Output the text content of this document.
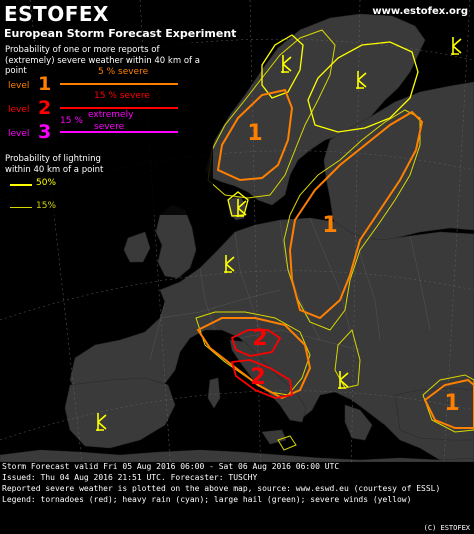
1
1
1
2
2
ESTOFEX	www.estofex.org
European Storm Forecast Experiment
Probability of one or more reports of
(extremely) severe weather within 40 km of a point
level 1
5 % severe
level 2
15 % severe
level 3 15 %
extremely
severe
Probability of lightning
within 40 km of a point
50%
15%
Storm Forecast valid Fri 05 Aug 2016 06:00 - Sat 06 Aug 2016 06:00 UTC
Issued: Thu 04 Aug 2016 21:51 UTC. Forecaster: TUSCHY
Reported severe weather is plotted on the above map, source: www.eswd.eu (courtesy of ESSL)
Legend: tornadoes (red); heavy rain (cyan); large hail (green); severe winds (yellow)
(C) ESTOFEX
